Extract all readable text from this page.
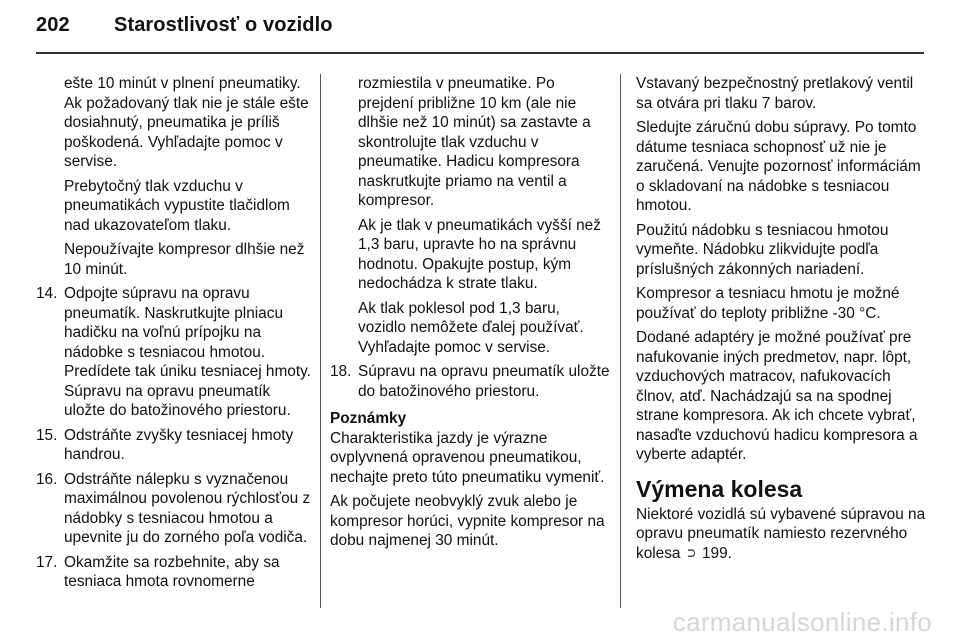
202 Starostlivosť o vozidlo

ešte 10 minút v plnení pneumatiky. Ak požadovaný tlak nie je stále ešte dosiahnutý, pneumatika je príliš poškodená. Vyhľadajte pomoc v servise.

Prebytočný tlak vzduchu v pneumatikách vypustite tlačidlom nad ukazovateľom tlaku.

Nepoužívajte kompresor dlhšie než 10 minút.

14. Odpojte súpravu na opravu pneumatík. Naskrutkujte plniacu hadičku na voľnú prípojku na nádobke s tesniacou hmotou. Predídete tak úniku tesniacej hmoty. Súpravu na opravu pneumatík uložte do batožinového priestoru.
15. Odstráňte zvyšky tesniacej hmoty handrou.
16. Odstráňte nálepku s vyznačenou maximálnou povolenou rýchlosťou z nádobky s tesniacou hmotou a upevnite ju do zorného poľa vodiča.
17. Okamžite sa rozbehnite, aby sa tesniaca hmota rovnomerne

rozmiestila v pneumatike. Po prejdení približne 10 km (ale nie dlhšie než 10 minút) sa zastavte a skontrolujte tlak vzduchu v pneumatike. Hadicu kompresora naskrutkujte priamo na ventil a kompresor.

Ak je tlak v pneumatikách vyšší než 1,3 baru, upravte ho na správnu hodnotu. Opakujte postup, kým nedochádza k strate tlaku.

Ak tlak poklesol pod 1,3 baru, vozidlo nemôžete ďalej používať. Vyhľadajte pomoc v servise.

18. Súpravu na opravu pneumatík uložte do batožinového priestoru.
Poznámky

Charakteristika jazdy je výrazne ovplyvnená opravenou pneumatikou, nechajte preto túto pneumatiku vymeniť.

Ak počujete neobvyklý zvuk alebo je kompresor horúci, vypnite kompresor na dobu najmenej 30 minút.

Vstavaný bezpečnostný pretlakový ventil sa otvára pri tlaku 7 barov.

Sledujte záručnú dobu súpravy. Po tomto dátume tesniaca schopnosť už nie je zaručená. Venujte pozornosť informáciám o skladovaní na nádobke s tesniacou hmotou.

Použitú nádobku s tesniacou hmotou vymeňte. Nádobku zlikvidujte podľa príslušných zákonných nariadení.

Kompresor a tesniacu hmotu je možné používať do teploty približne -30 °C.

Dodané adaptéry je možné používať pre nafukovanie iných predmetov, napr. lôpt, vzduchových matracov, nafukovacích člnov, atď. Nachádzajú sa na spodnej strane kompresora. Ak ich chcete vybrať, nasaďte vzduchovú hadicu kompresora a vyberte adaptér.

Výmena kolesa

Niektoré vozidlá sú vybavené súpravou na opravu pneumatík namiesto rezervného kolesa ⊃ 199.

carmanualsonline.info
